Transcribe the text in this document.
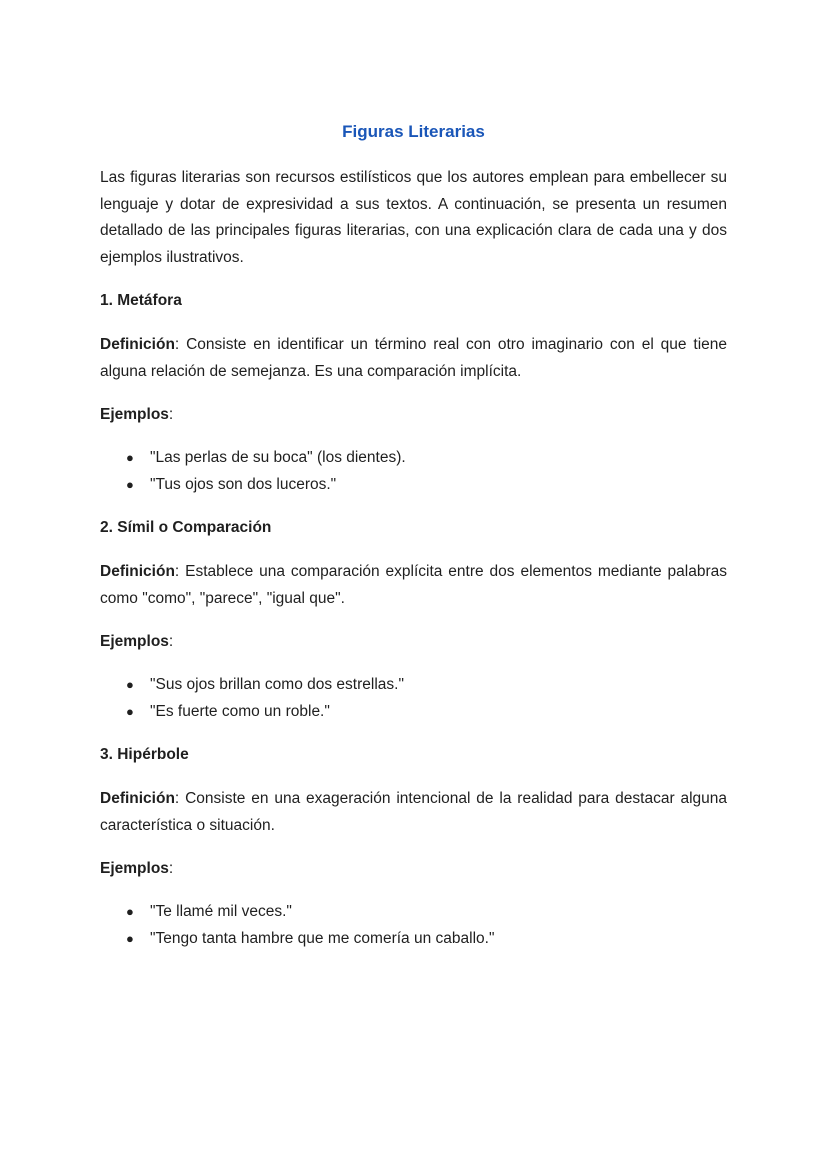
Figuras Literarias

Las figuras literarias son recursos estilísticos que los autores emplean para embellecer su lenguaje y dotar de expresividad a sus textos. A continuación, se presenta un resumen detallado de las principales figuras literarias, con una explicación clara de cada una y dos ejemplos ilustrativos.

1. Metáfora

Definición: Consiste en identificar un término real con otro imaginario con el que tiene alguna relación de semejanza. Es una comparación implícita.

Ejemplos:

● "Las perlas de su boca" (los dientes).
● "Tus ojos son dos luceros."
2. Símil o Comparación

Definición: Establece una comparación explícita entre dos elementos mediante palabras como "como", "parece", "igual que".

Ejemplos:

● "Sus ojos brillan como dos estrellas."
● "Es fuerte como un roble."
3. Hipérbole

Definición: Consiste en una exageración intencional de la realidad para destacar alguna característica o situación.

Ejemplos:

● "Te llamé mil veces."
● "Tengo tanta hambre que me comería un caballo."
